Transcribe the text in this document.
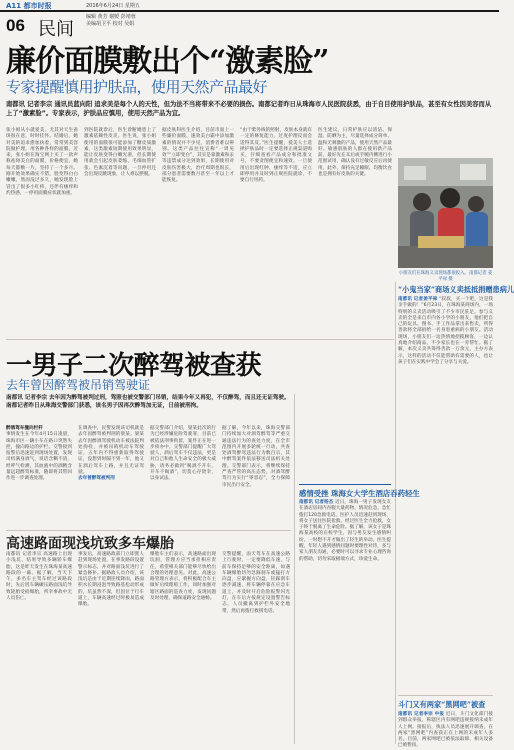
A11 都市时报	2016年6月24日 星期五
06 民间
编辑 黄芳 谢媛 彭靖蓉
美编胡卫平 校对 吴娟
廉价面膜敷出个“激素脸”
专家提醒慎用护肤品，使用天然产品最好
南都讯 记者李宗 通讯员蓝向阳 追求美是每个人的天性，但为法不当将带来不必要的损伤。南都记者昨日从珠海市人民医院获悉，由于自目使用护肤品，甚至有女性因美容而从上了“激素脸”。专家表示，护肤品应慎用，使用天然产品为宜。
张小姐从小就爱美，尤其对天生雀斑很在意，时时挂怀。结婚后，她对美的追求愈加执着，常常到美容院做护理，用各种各样的面膜。近来，张小姐在淘宝网上买了一款声称祛斑美白的面膜，价格便宜，她每天都敷一片，坚持了一个多月。刚开始效果确实不错，脸变得白白嫩嫩。然而没过多久，她发现脸上冒出了很多小红疹，还伴有瘙痒和灼热感，一停用面膜症状就加重。
到医院就诊后，医生诊断她患上了激素依赖性皮炎。医生说，张小姐使用的面膜很可能添加了糖皮质激素，这类激素短期使用效果明显，能让皮肤变得白嫩光滑，但长期使用就会引起皮肤萎缩、毛细血管扩张、色素沉着等问题，一旦停用还会出现反跳现象，让人难以摆脱。
据皮肤科医生介绍，目前市面上一些廉价面膜、速效美白霜中添加激素的情况并不少见，消费者难以辨别。这类产品往往宣称“一周见效”“立即变白”，其实是靠激素和汞等违禁成分达到效果，长期使用对皮肤伤害极大，治疗周期也很长，部分患者需要数月甚至一年以上才能恢复。
“由于紫外线的照射，皮肤本身就有一定的修复能力，过度护理反而会适得其反。”医生提醒，爱美人士选择护肤品时一定要选择正规渠道购买，仔细查看产品成分和批准文号，不要贪图便宜和速效。一旦使用后出现红肿、瘙痒等不适，应立即停用并及时到正规医院就诊，不要自行用药。
医生建议，日常护肤应以清洁、保湿、防晒为主，尽量选择成分简单、温和无刺激的产品，使用天然产品最好。敏感肌肤的人群在使用新产品前，最好先在耳后或手腕内侧进行小范围试用，确认没有过敏反应后再使用。此外，保持充足睡眠、均衡饮食也是拥有好皮肤的关键。
小朋友们在珠海义卖现场都很投入。南都记者 姜平禄 摄
“小鬼当家”商场义卖抵抵捐赠患病儿
南都讯 记者姜平禄 “叔叔，买一个吧，这是我亲手做的！”6月23日，在珠海某商场内，一场特别的义卖活动吸引了不少市民驻足。参与义卖的全是来自市内各小学的小朋友，他们把自己的玩具、图书、手工作品拿出来售卖，所得善款将全部捐给一名身患重病的小朋友。活动现场，小朋友们一边热情地招揽顾客，一边认真地介绍商品，不少家长也在一旁帮忙。据了解，本次义卖共筹得善款一万余元，主办方表示，这样的活动不仅能帮助有需要的人，也让孩子们在实践中学会了分享与关爱。
一男子二次醉驾被查获
去年曾因醉驾被吊销驾驶证
南都讯 记者李宗 去年因为醉驾被判过刑，驾照也被交警部门吊销，结果今年又再犯，不仅醉驾，而且还无证驾驶。南都记者昨日从珠海交警部门获悉，该名男子因再次醉驾加无证，日前被刑拘。
醉酒驾车撞向栏杆
事情发生在今年4月15日凌晨，珠海市区一辆小车在路口突然失控，撞向路边的护栏。交警接到报警后迅速赶到现场处置，发现司机满身酒气，说话含糊不清，经呼气检测，其血液中的酒精含量远超醉驾标准，随即将其带回作进一步调查处理。
在调查中，民警发现该司机就是去年因醉驾被判刑的梁某。梁某去年因醉酒驾驶机动车被法院判处拘役，并被吊销机动车驾驶证，五年内不得重新取得驾驶证，没想到时隔不到一年，他又在酒后驾车上路，并且无证驾驶。
去年曾醉驾被判刑
据交警部门介绍，梁某此次的行为已经涉嫌危险驾驶罪，目前已被依法刑事拘留，案件正在进一步侦办中。交警部门提醒广大驾驶人，酒后驾车不仅违法，更是对自己和他人生命安全的极大威胁，请务必做到“喝酒不开车，开车不喝酒”，切莫心存侥幸，以身试法。
据了解，今年以来，珠海交警部门持续加大对酒驾醉驾等严重交通违法行为的查处力度，在全市范围内开展多轮统一行动，共查处酒驾醉驾违法行为数百宗，其中醉驾案件依法移送司法机关处理。交警部门表示，将继续保持严查严管的高压态势，对酒驾醉驾行为实行“零容忍”，全力保障市民出行安全。
感情受挫 珠海女大学生酒店吞药轻生
南都讯 记者杨杰 近日，珠海一男子发现女友在酒店房间内吞服大量药物，情况危急，急忙拨打120急救电话。医护人员迅速赶到现场，将女子送往医院抢救。经过医生全力抢救，女子终于脱离了生命危险。据了解，该女子是珠海某高校的在校学生，因与男友发生感情纠纷，一时想不开才做出了轻生的举动。医生提醒，年轻人遇到感情问题时要理性对待，多与家人朋友沟通，必要时可以寻求专业心理咨询的帮助，切勿采取极端方式，珍爱生命。
高速路面现浅坑致多车爆胎
南都讯 记者李宗 高速路上出现小浅坑，结果导致多辆轿车爆胎，这是昨天发生在珠海某高速路段的一幕。据了解，当天下午，多名车主驾车经过该路段时，先后因车辆碾压路面浅坑导致轮胎受损爆胎，所幸事故中无人员伤亡。
事发后，高速路政部门立即派人赶到现场处置，在事发路段设置警示标志，并对路面浅坑进行了紧急修补。据路政人员介绍，该浅坑是由于近期连续降雨，路面积水长期浸泡导致路基松动形成的，坑虽然不深，但因位于行车道上，车辆高速经过时极易造成爆胎。
爆胎车主们表示，高速路面出现坑洞，管理方应当承担相应责任，希望相关部门能够尽快给出合理的处理意见。对此，高速公路管理方表示，将积极配合车主做好后续理赔工作，同时加强对辖区路面的巡查力度，发现问题及时处理，确保道路安全通畅。
交警提醒，雨天驾车在高速公路上行驶时，一定要降低车速，与前车保持足够的安全距离，如遇车辆爆胎切勿急踩刹车或猛打方向盘，应紧握方向盘，轻踩刹车逐步减速，将车辆停靠在应急车道上，并及时开启危险报警闪光灯，在车后方按规定设置警告标志，人员撤离到护栏外安全地带，然后再拨打救援电话。
斗门又有两家“黑网吧”被查
南都讯 记者李宗 中报 近日，斗门文化部门接到群众举报，称辖区内有网吧违规接纳未成年人上网。接报后，执法人员迅速展开调查，在两家“黑网吧”内查获正在上网的未成年人多名。目前，两家网吧已被依法取缔，相关设备已被暂扣。
